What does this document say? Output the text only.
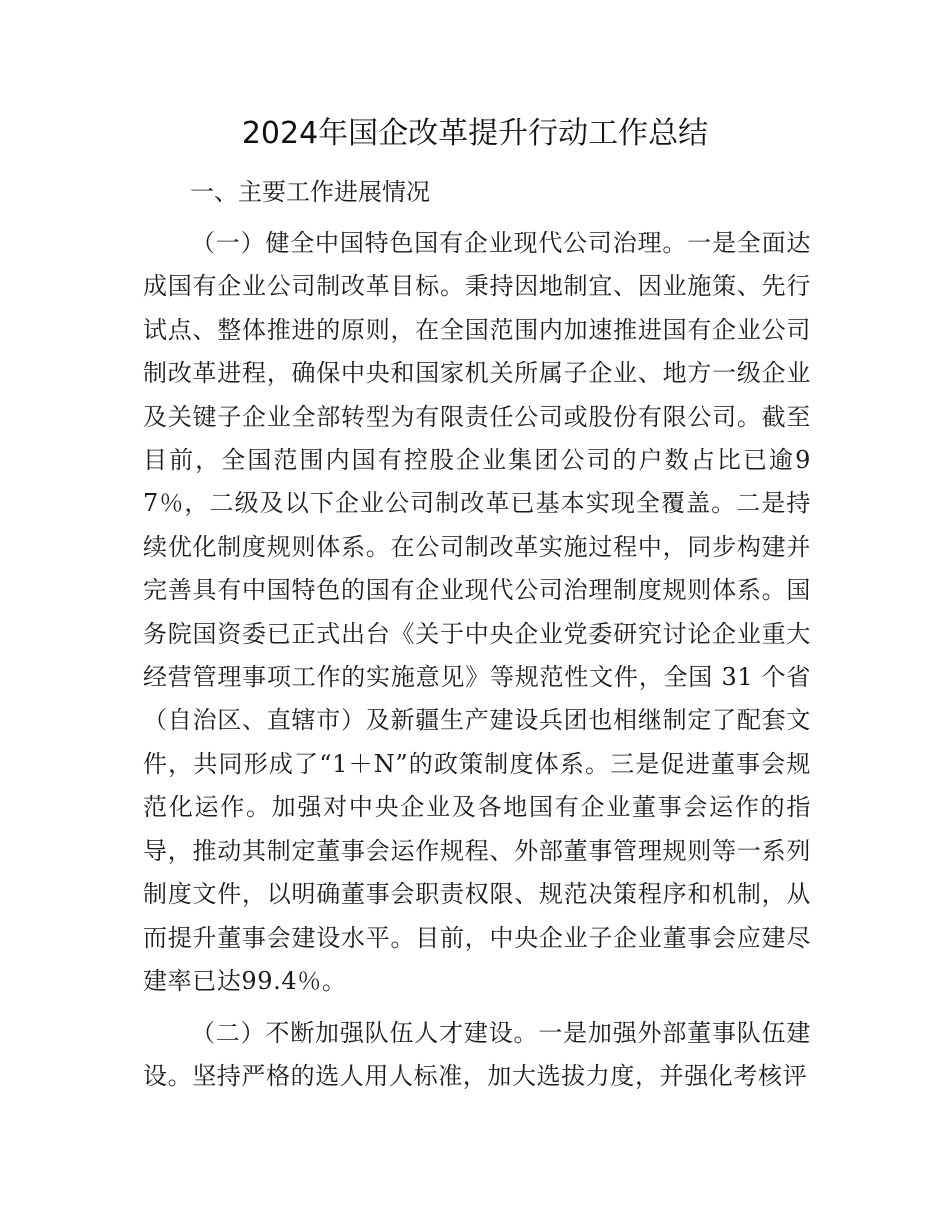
2024年国企改革提升行动工作总结
一、主要工作进展情况

（一）健全中国特色国有企业现代公司治理。一是全面达成国有企业公司制改革目标。秉持因地制宜、因业施策、先行试点、整体推进的原则，在全国范围内加速推进国有企业公司制改革进程，确保中央和国家机关所属子企业、地方一级企业及关键子企业全部转型为有限责任公司或股份有限公司。截至目前，全国范围内国有控股企业集团公司的户数占比已逾97％，二级及以下企业公司制改革已基本实现全覆盖。二是持续优化制度规则体系。在公司制改革实施过程中，同步构建并完善具有中国特色的国有企业现代公司治理制度规则体系。国务院国资委已正式出台《关于中央企业党委研究讨论企业重大经营管理事项工作的实施意见》等规范性文件，全国 31 个省（自治区、直辖市）及新疆生产建设兵团也相继制定了配套文件，共同形成了“1＋N”的政策制度体系。三是促进董事会规范化运作。加强对中央企业及各地国有企业董事会运作的指导，推动其制定董事会运作规程、外部董事管理规则等一系列制度文件，以明确董事会职责权限、规范决策程序和机制，从而提升董事会建设水平。目前，中央企业子企业董事会应建尽建率已达99.4％。

（二）不断加强队伍人才建设。一是加强外部董事队伍建设。坚持严格的选人用人标准，加大选拔力度，并强化考核评
